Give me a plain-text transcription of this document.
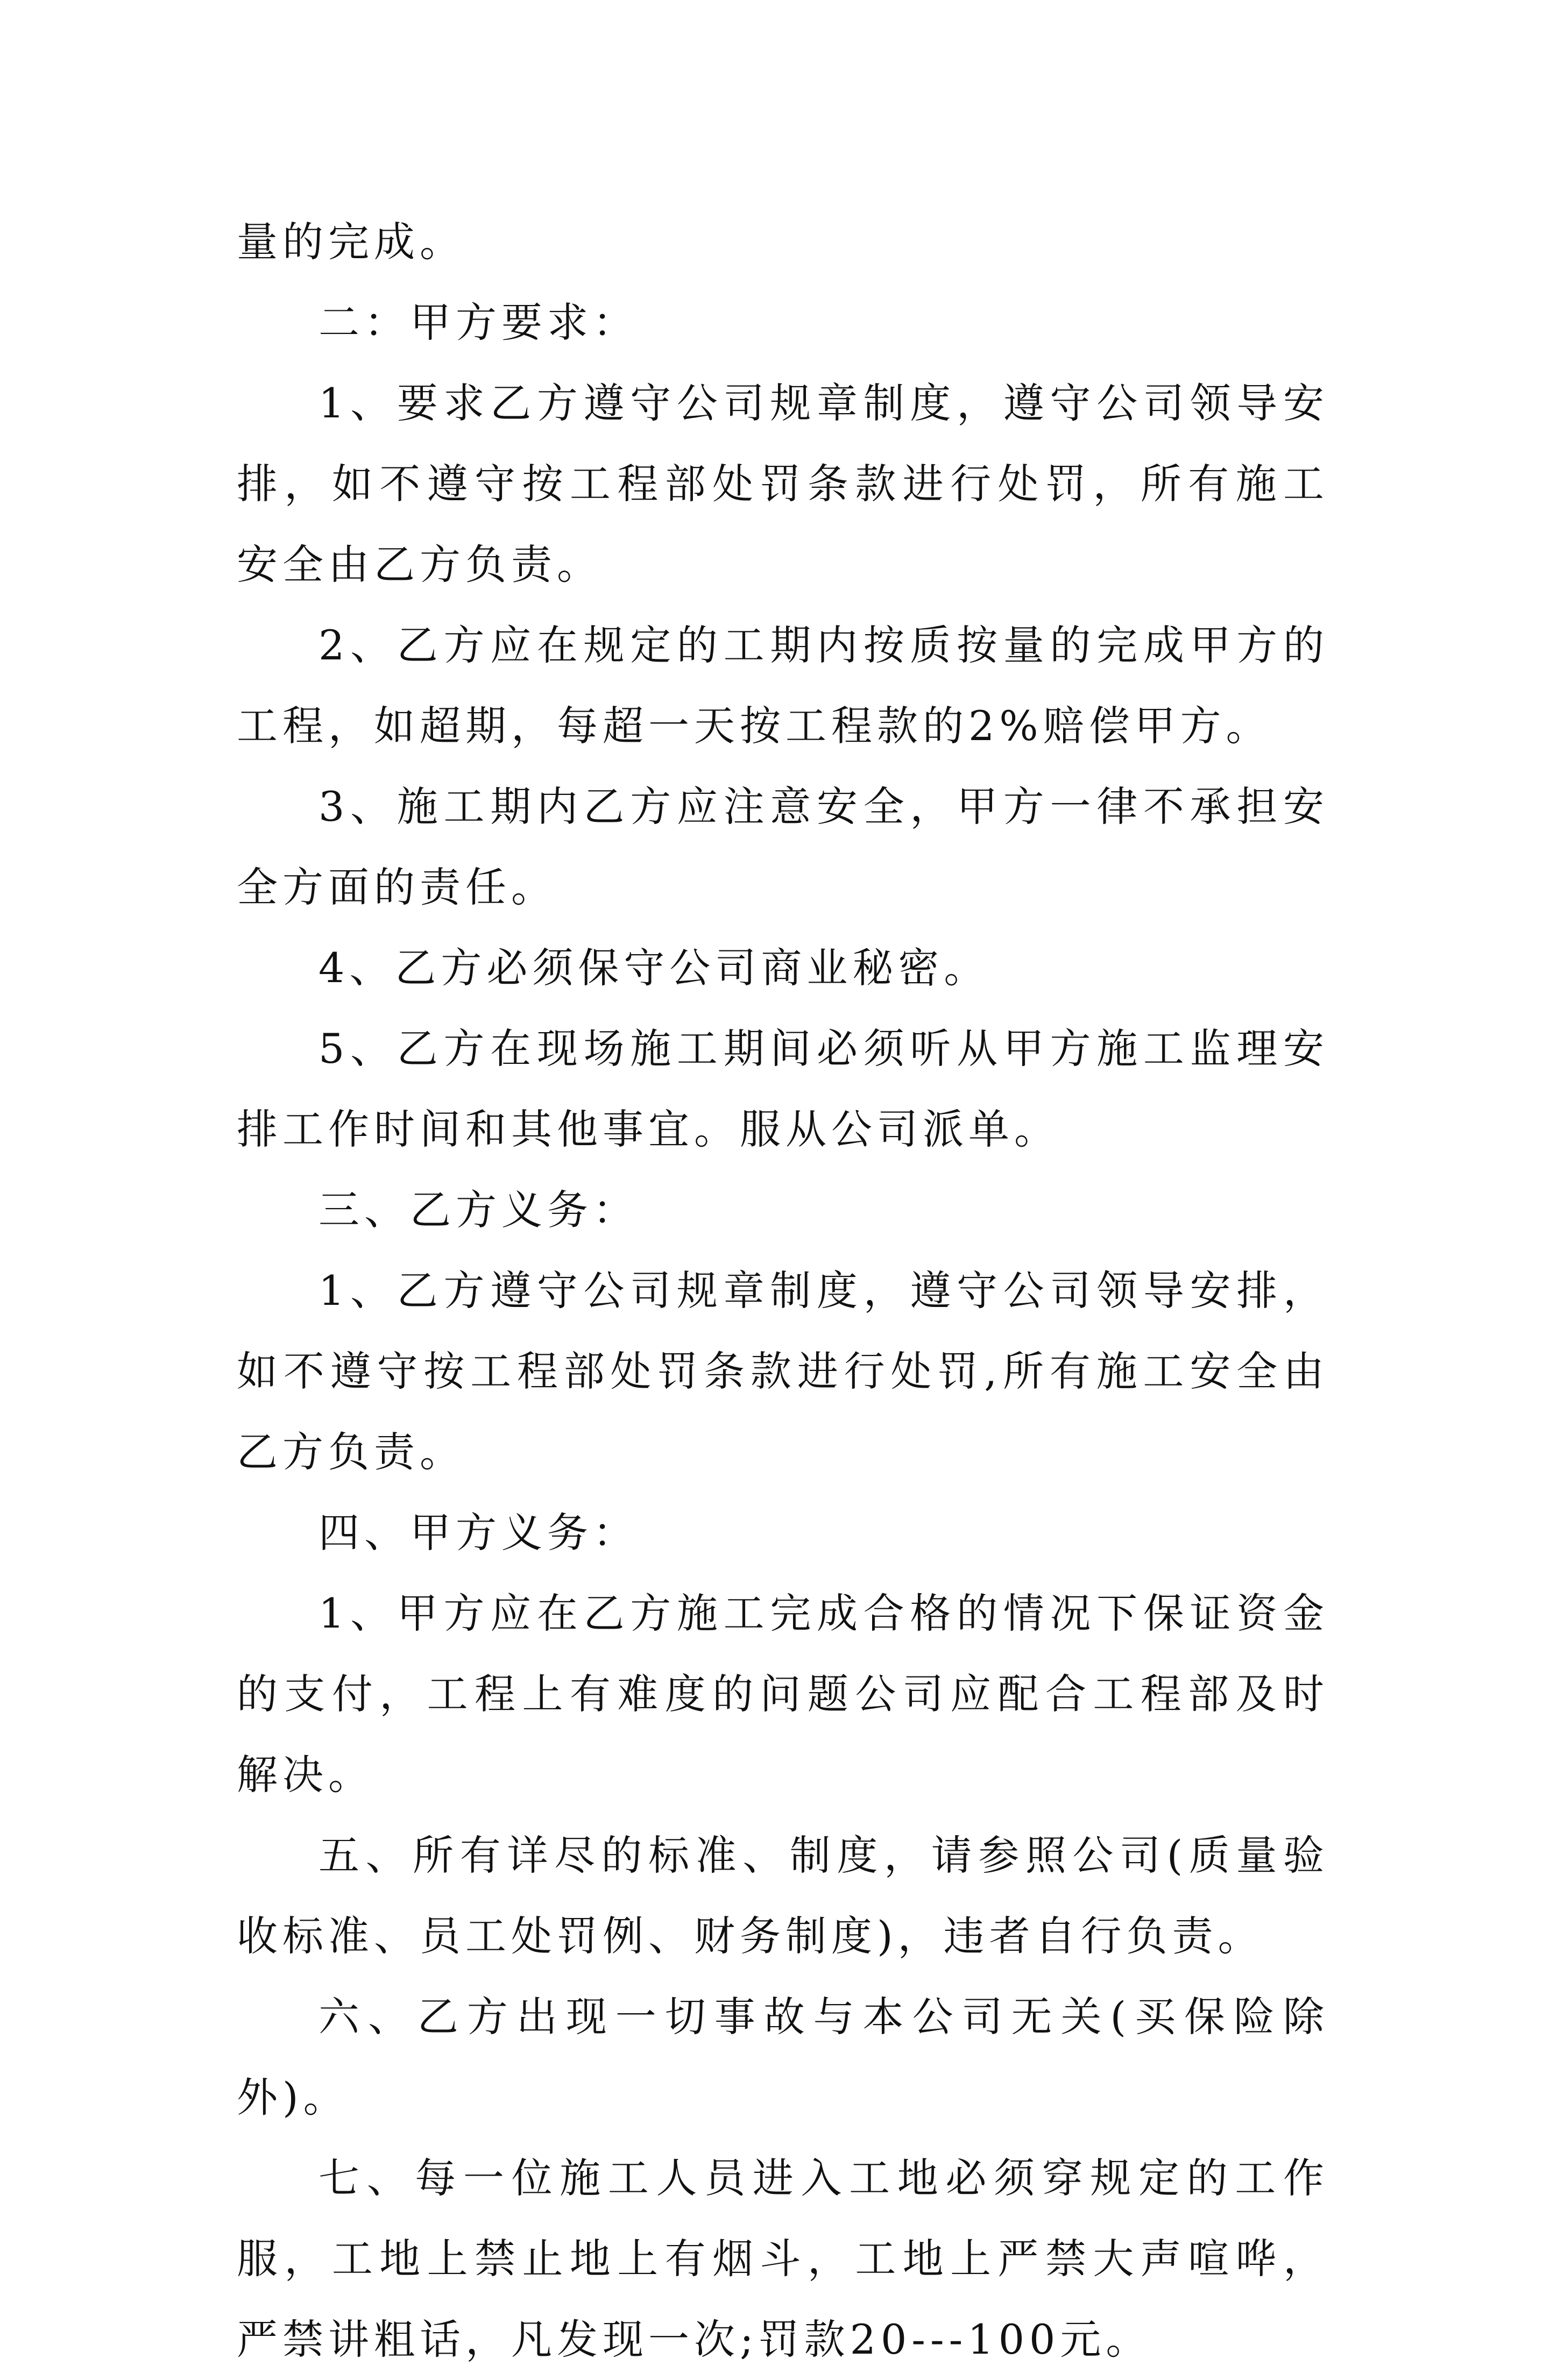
量的完成。

二：甲方要求：

1、要求乙方遵守公司规章制度，遵守公司领导安排，如不遵守按工程部处罚条款进行处罚，所有施工安全由乙方负责。

2、乙方应在规定的工期内按质按量的完成甲方的工程，如超期，每超一天按工程款的2%赔偿甲方。

3、施工期内乙方应注意安全，甲方一律不承担安全方面的责任。

4、乙方必须保守公司商业秘密。

5、乙方在现场施工期间必须听从甲方施工监理安排工作时间和其他事宜。服从公司派单。

三、乙方义务：

1、乙方遵守公司规章制度，遵守公司领导安排，如不遵守按工程部处罚条款进行处罚,所有施工安全由乙方负责。

四、甲方义务：

1、甲方应在乙方施工完成合格的情况下保证资金的支付，工程上有难度的问题公司应配合工程部及时解决。

五、所有详尽的标准、制度，请参照公司(质量验收标准、员工处罚例、财务制度)，违者自行负责。

六、乙方出现一切事故与本公司无关(买保险除外)。

七、每一位施工人员进入工地必须穿规定的工作服，工地上禁止地上有烟斗，工地上严禁大声喧哗，严禁讲粗话，凡发现一次;罚款20---100元。
